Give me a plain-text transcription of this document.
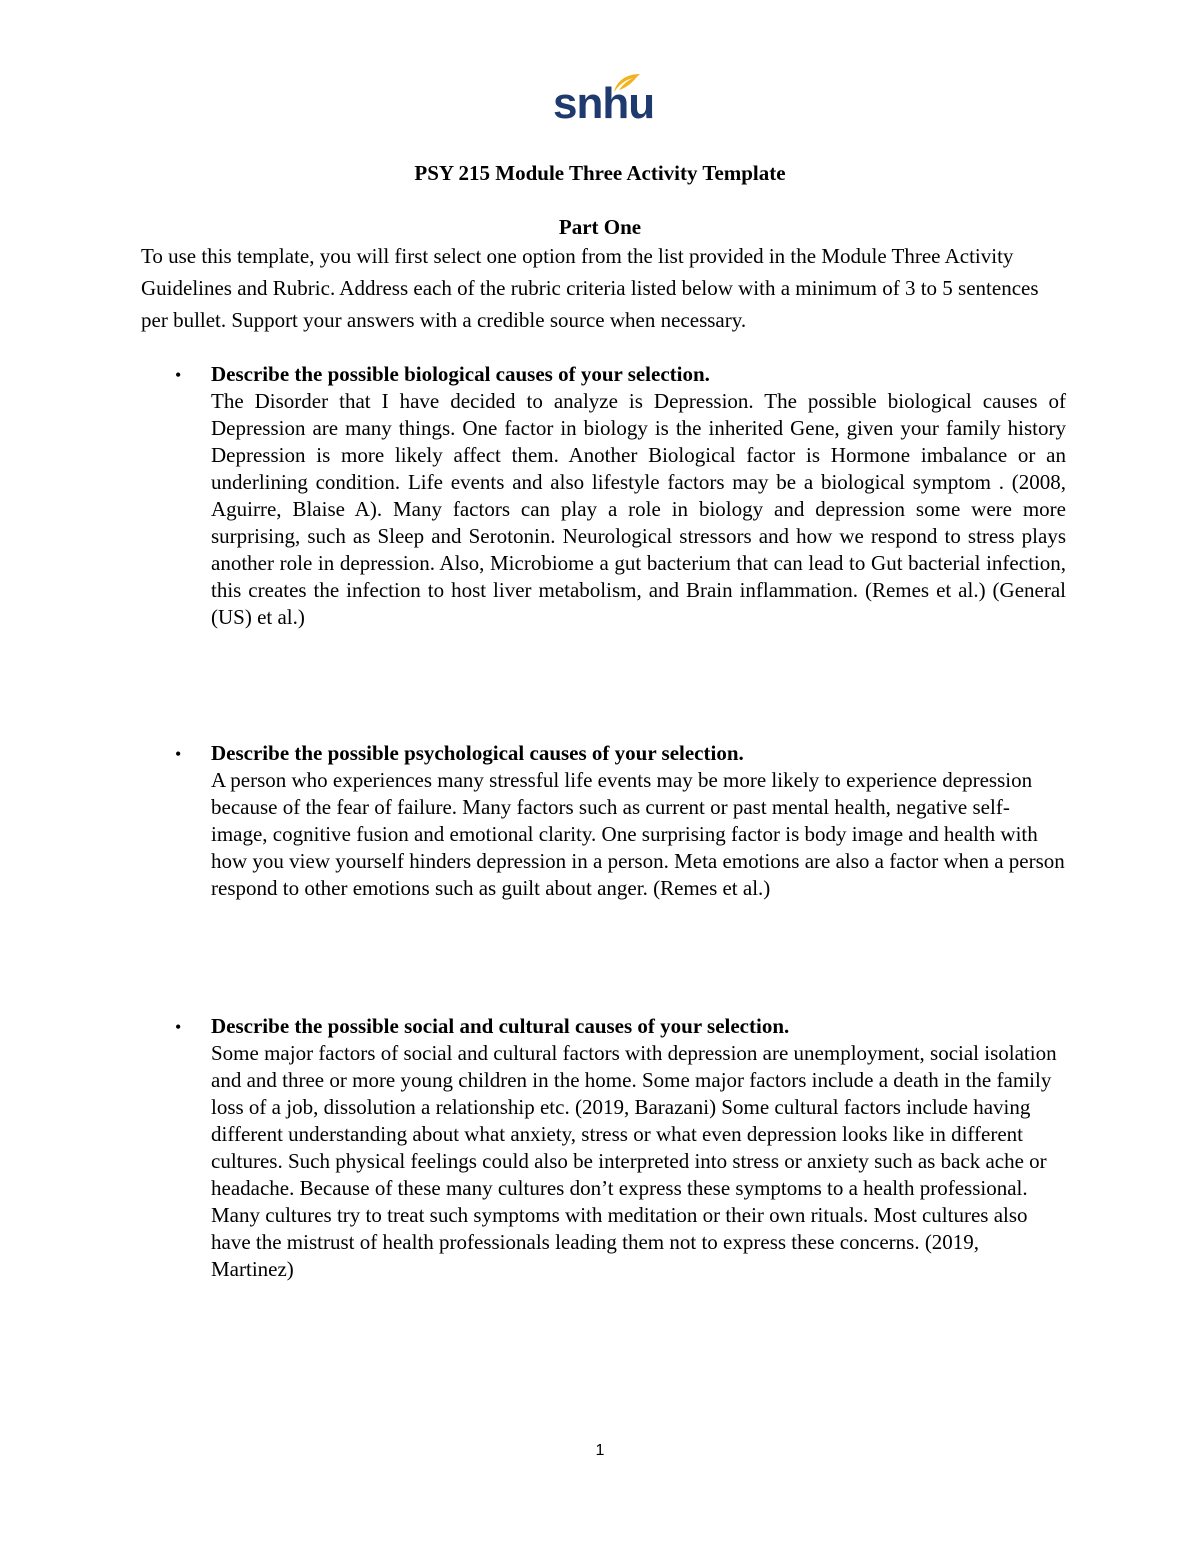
snhu
PSY 215 Module Three Activity Template
Part One
To use this template, you will first select one option from the list provided in the Module Three Activity Guidelines and Rubric. Address each of the rubric criteria listed below with a minimum of 3 to 5 sentences per bullet. Support your answers with a credible source when necessary.
• Describe the possible biological causes of your selection.
The Disorder that I have decided to analyze is Depression. The possible biological causes of Depression are many things. One factor in biology is the inherited Gene, given your family history Depression is more likely affect them. Another Biological factor is Hormone imbalance or an underlining condition. Life events and also lifestyle factors may be a biological symptom . (2008, Aguirre, Blaise A). Many factors can play a role in biology and depression some were more surprising, such as Sleep and Serotonin. Neurological stressors and how we respond to stress plays another role in depression. Also, Microbiome a gut bacterium that can lead to Gut bacterial infection, this creates the infection to host liver metabolism, and Brain inflammation. (Remes et al.) (General (US) et al.)
• Describe the possible psychological causes of your selection.
A person who experiences many stressful life events may be more likely to experience depression because of the fear of failure. Many factors such as current or past mental health, negative self-image, cognitive fusion and emotional clarity. One surprising factor is body image and health with how you view yourself hinders depression in a person. Meta emotions are also a factor when a person respond to other emotions such as guilt about anger. (Remes et al.)
• Describe the possible social and cultural causes of your selection.
Some major factors of social and cultural factors with depression are unemployment, social isolation and and three or more young children in the home. Some major factors include a death in the family loss of a job, dissolution a relationship etc. (2019, Barazani) Some cultural factors include having different understanding about what anxiety, stress or what even depression looks like in different cultures. Such physical feelings could also be interpreted into stress or anxiety such as back ache or headache. Because of these many cultures don’t express these symptoms to a health professional. Many cultures try to treat such symptoms with meditation or their own rituals. Most cultures also have the mistrust of health professionals leading them not to express these concerns. (2019, Martinez)
1
